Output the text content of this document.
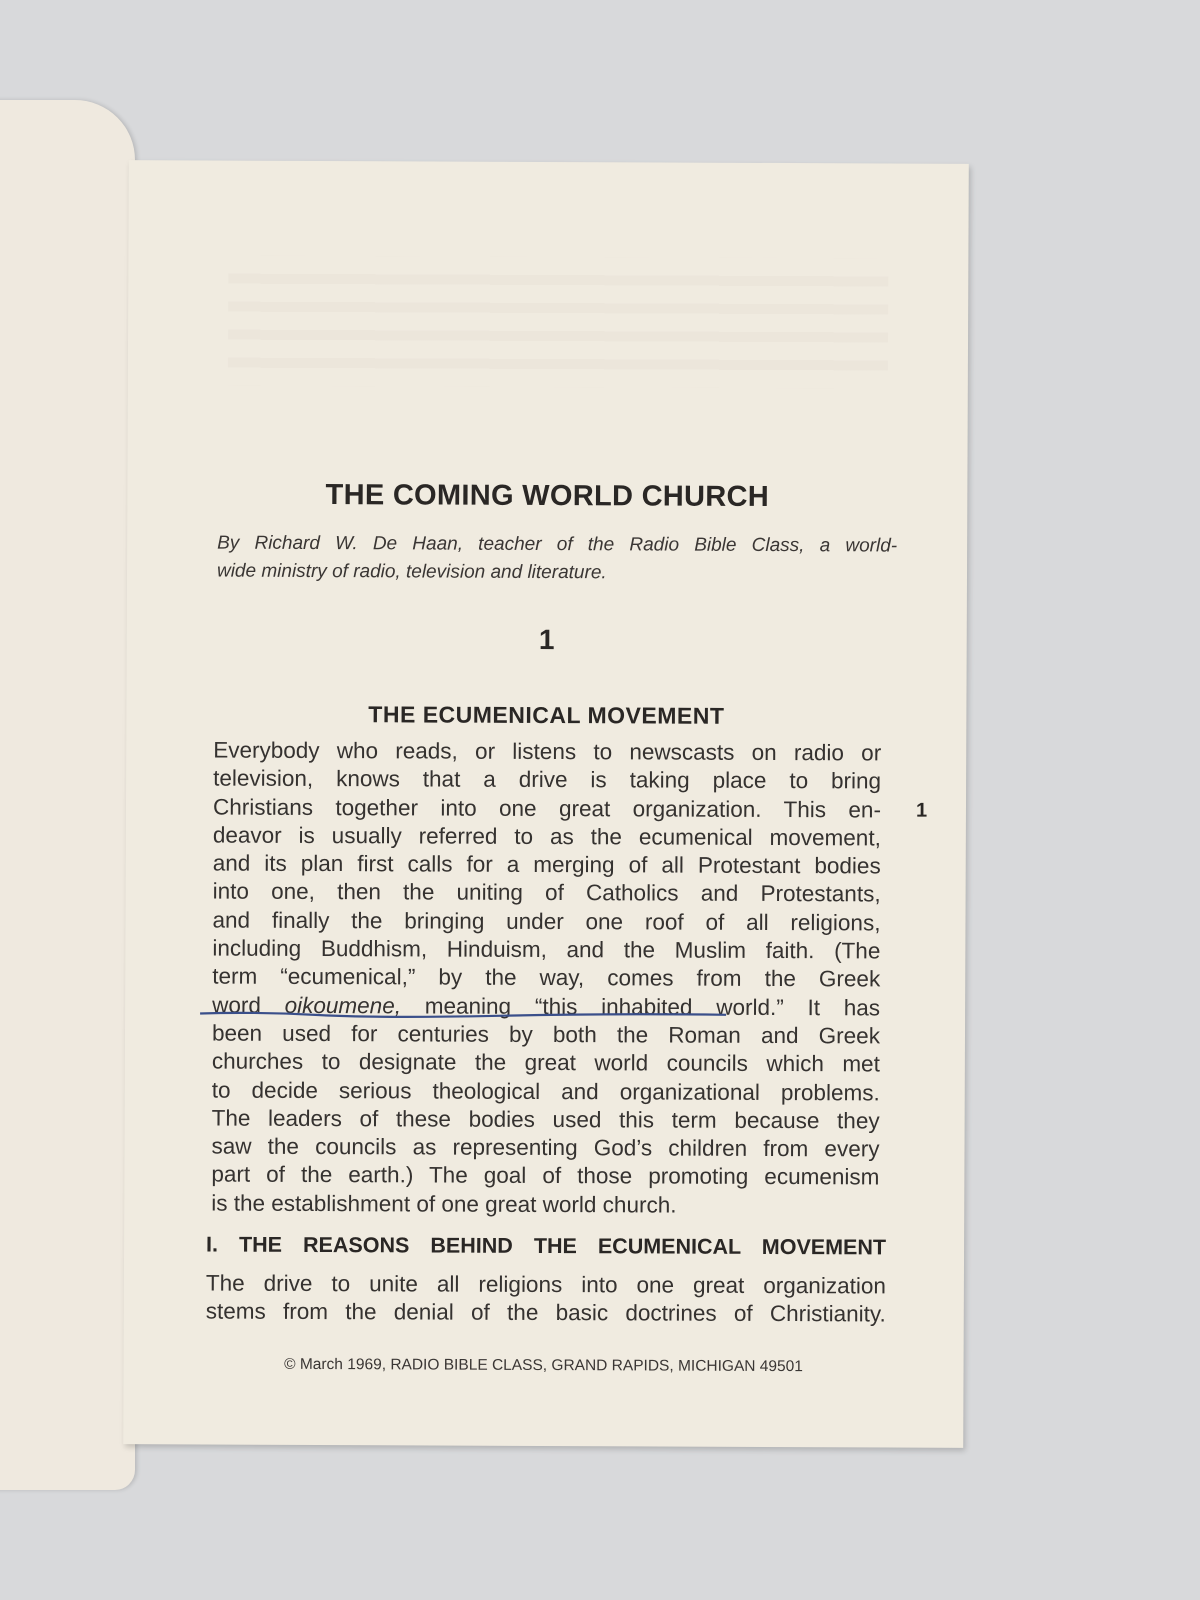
THE COMING WORLD CHURCH
By Richard W. De Haan, teacher of the Radio Bible Class, a world-
wide ministry of radio, television and literature.
1
THE ECUMENICAL MOVEMENT
1
Everybody who reads, or listens to newscasts on radio or
television, knows that a drive is taking place to bring
Christians together into one great organization. This en-
deavor is usually referred to as the ecumenical movement,
and its plan first calls for a merging of all Protestant bodies
into one, then the uniting of Catholics and Protestants,
and finally the bringing under one roof of all religions,
including Buddhism, Hinduism, and the Muslim faith. (The
term “ecumenical,” by the way, comes from the Greek
word oikoumene, meaning “this inhabited world.” It has
been used for centuries by both the Roman and Greek
churches to designate the great world councils which met
to decide serious theological and organizational problems.
The leaders of these bodies used this term because they
saw the councils as representing God’s children from every
part of the earth.) The goal of those promoting ecumenism
is the establishment of one great world church.
I. THE REASONS BEHIND THE ECUMENICAL MOVEMENT
The drive to unite all religions into one great organization
stems from the denial of the basic doctrines of Christianity.
© March 1969, RADIO BIBLE CLASS, GRAND RAPIDS, MICHIGAN 49501
